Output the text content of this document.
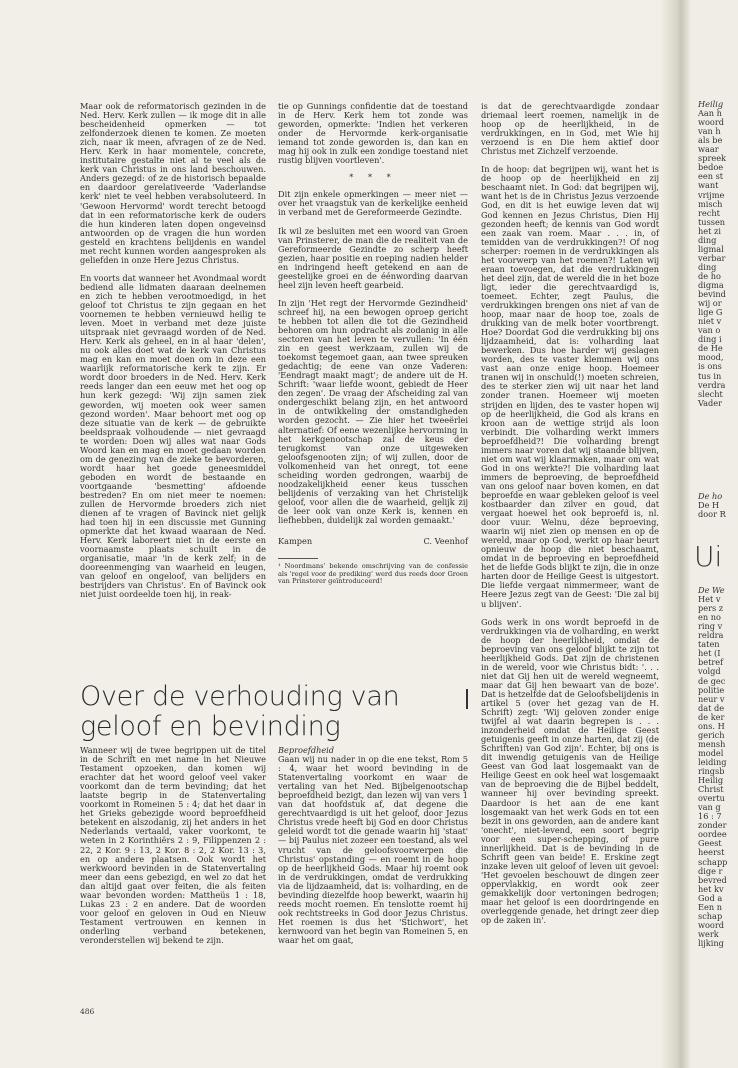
Maar ook de reformatorisch gezinden in de Ned. Herv. Kerk zullen — ik moge dit in alle bescheidenheid opmerken — tot zelfonderzoek dienen te komen. Ze moeten zich, naar ik meen, afvragen of ze de Ned. Herv. Kerk in haar momentele, concrete, institutaire gestalte niet al te veel als de kerk van Christus in ons land beschouwen. Anders gezegd: of ze de historisch bepaalde en daardoor gerelativeerde 'Vaderlandse kerk' niet te veel hebben verabsoluteerd. In 'Gewoon Hervormd' wordt terecht betoogd dat in een reformatorische kerk de ouders die hun kinderen laten dopen ongeveinsd antwoorden op de vragen die hun worden gesteld en krachtens belijdenis en wandel met recht kunnen worden aangesproken als geliefden in onze Here Jezus Christus.

En voorts dat wanneer het Avondmaal wordt bediend alle lidmaten daaraan deelnemen en zich te hebben verootmoedigd, in het geloof tot Christus te zijn gegaan en het voornemen te hebben vernieuwd heilig te leven. Moet in verband met deze juiste uitspraak niet gevraagd worden of de Ned. Herv. Kerk als geheel, en in al haar 'delen', nu ook alles doet wat de kerk van Christus mag en kan en moet doen om in deze een waarlijk reformatorische kerk te zijn. Er wordt door broeders in de Ned. Herv. Kerk reeds langer dan een eeuw met het oog op hun kerk gezegd: 'Wij zijn samen ziek geworden, wij moeten ook weer samen gezond worden'. Maar behoort met oog op deze situatie van de kerk — de gebruikte beeldspraak volhoudende — niet gevraagd te worden: Doen wij alles wat naar Gods Woord kan en mag en moet gedaan worden om de genezing van de zieke te bevorderen, wordt haar het goede geneesmiddel geboden en wordt de bestaande en voortgaande 'besmetting' afdoende bestreden? En om niet meer te noemen: zullen de Hervormde broeders zich niet dienen af te vragen of Bavinck niet gelijk had toen hij in een discussie met Gunning opmerkte dat het kwaad waaraan de Ned. Herv. Kerk laboreert niet in de eerste en voornaamste plaats schuilt in de organisatie, maar 'in de kerk zelf; in de dooreenmenging van waarheid en leugen, van geloof en ongeloof, van belijders en bestrijders van Christus'. En of Bavinck ook niet juist oordeelde toen hij, in reak-

tie op Gunnings confidentie dat de toestand in de Herv. Kerk hem tot zonde was geworden, opmerkte: 'Indien het verkeren onder de Hervormde kerk-organisatie iemand tot zonde geworden is, dan kan en mag hij ook in zulk een zondige toestand niet rustig blijven voortleven'.

* * *

Dit zijn enkele opmerkingen — meer niet — over het vraagstuk van de kerkelijke eenheid in verband met de Gereformeerde Gezindte.

Ik wil ze besluiten met een woord van Groen van Prinsterer, de man die de realiteit van de Gereformeerde Gezindte zo scherp heeft gezien, haar positie en roeping nadien helder en indringend heeft getekend en aan de geestelijke groei en de éénwording daarvan heel zijn leven heeft gearbeid.

In zijn 'Het regt der Hervormde Gezindheid' schreef hij, na een bewogen oproep gericht te hebben tot allen die tot die Gezindheid behoren om hun opdracht als zodanig in alle sectoren van het leven te vervullen: 'In één zin en geest werkzaam, zullen wij de toekomst tegemoet gaan, aan twee spreuken gedachtig; de eene van onze Vaderen: 'Eendragt maakt magt'; de andere uit de H. Schrift: 'waar liefde woont, gebiedt de Heer den zegen'. De vraag der Afscheiding zal van ondergeschikt belang zijn, en het antwoord in de ontwikkeling der omstandigheden worden gezocht. — Zie hier het tweeërlei alternatief: Of eene wezenlijke hervorming in het kerkgenootschap zal de keus der terugkomst van onze uitgeweken geloofsgenooten zijn; of wij zullen, door de volkomenheid van het onregt, tot eene scheiding worden gedrongen, waarbij de noodzakelijkheid eener keus tusschen belijdenis of verzaking van het Christelijk geloof, voor allen die de waarheid, gelijk zij de leer ook van onze Kerk is, kennen en liefhebben, duidelijk zal worden gemaakt.'

Kampen	C. Veenhof
¹ Noordmans' bekende omschrijving van de confessie als 'regel voor de prediking' werd dus reeds door Groen van Prinsterer geïntroduceerd!

is dat de gerechtvaardigde zondaar driemaal leert roemen, namelijk in de hoop op de heerlijkheid, in de verdrukkingen, en in God, met Wie hij verzoend is en Die hem aktief door Christus met Zichzelf verzoende.

In de hoop: dat begrijpen wij, want het is de hoop op de heerlijkheid en zij beschaamt niet. In God: dat begrijpen wij, want het is de in Christus Jezus verzoende God, en dit is het euwige leven dat wij God kennen en Jezus Christus, Dien Hij gezonden heeft; de kennis van God wordt een zaak van roem. Maar . . . in, of temidden van de verdrukkingen?! Of nog scherper: roemen in de verdrukkingen als het voorwerp van het roemen?! Laten wij eraan toevoegen, dat die verdrukkingen het deel zijn, dat de wereld die in het boze ligt, ieder die gerechtvaardigd is, toemeet. Echter, zegt Paulus, die verdrukkingen brengen ons niet af van de hoop, maar naar de hoop toe, zoals de drukking van de melk boter voortbrengt. Hoe? Doordat God die verdrukking bij ons lijdzaamheid, dat is: volharding laat bewerken. Dus hoe harder wij geslagen worden, des te vaster klemmen wij ons vast aan onze enige hoop. Hoemeer tranen wij in onschuld(!) moeten schreien, des te sterker zien wij uit naar het land zonder tranen. Hoemeer wij moeten strijden en lijden, des te vaster hopen wij op de heerlijkheid, die God als krans en kroon aan de wettige strijd als loon verbindt. Die volharding werkt immers beproefdheid?! Die volharding brengt immers naar voren dat wij staande blijven, niet om wat wij klaarmaken, maar om wat God in ons werkte?! Die volharding laat immers de beproeving, de beproefdheid van ons geloof naar boven komen, en dat beproefde en waar gebleken geloof is veel kostbaarder dan zilver en goud, dat vergaat hoewel het ook beproefd is, nl. door vuur. Welnu, déze beproeving, waarin wij niet zien op mensen en op de wereld, maar op God, werkt op haar beurt opnieuw de hoop die niet beschaamt, omdat in de beproeving en beproefdheid het de liefde Gods blijkt te zijn, die in onze harten door de Heilige Geest is uitgestort. Die liefde vergaat nimmermeer, want de Heere Jezus zegt van de Geest: 'Die zal bij u blijven'.

Gods werk in ons wordt beproefd in de verdrukkingen via de volharding, en werkt de hoop der heerlijkheid, omdat de beproeving van ons geloof blijkt te zijn tot heerlijkheid Gods. Dat zijn de christenen in de wereld, voor wie Christus bidt: '. . . niet dat Gij hen uit de wereld wegneemt, maar dat Gij hen bewaart van de boze'. Dat is hetzelfde dat de Geloofsbelijdenis in artikel 5 (over het gezag van de H. Schrift) zegt: 'Wij geloven zonder enige twijfel al wat daarin begrepen is . . . inzonderheid omdat de Heilige Geest getuigenis geeft in onze harten, dat zij (de Schriften) van God zijn'. Echter, bij ons is dit inwendig getuigenis van de Heilige Geest van God laat losgemaakt van de Heilige Geest en ook heel wat losgemaakt van de beproeving die de Bijbel beddelt, wanneer hij over bevinding spreekt. Daardoor is het aan de ene kant losgemaakt van het werk Gods en tot een bezit in ons geworden, aan de andere kant 'onecht', niet-levend, een soort begrip voor een super-schepping, of pure innerlijkheid. Dat is de bevinding in de Schrift geen van beide! E. Erskine zegt inzake leven uit geloof of leven uit gevoel: 'Het gevoelen beschouwt de dingen zeer oppervlakkig, en wordt ook zeer gemakkelijk door vertoningen bedrogen; maar het geloof is een doordringende en overleggende genade, het dringt zeer diep op de zaken in'.

Over de verhouding van geloof en bevinding

Wanneer wij de twee begrippen uit de titel in de Schrift en met name in het Nieuwe Testament opzoeken, dan komen wij erachter dat het woord geloof veel vaker voorkomt dan de term bevinding; dat het laatste begrip in de Statenvertaling voorkomt in Romeinen 5 : 4; dat het daar in het Grieks gebezigde woord beproefdheid betekent en alszodanig, zij het anders in het Nederlands vertaald, vaker voorkomt, te weten in 2 Korinthiërs 2 : 9, Filippenzen 2 : 22, 2 Kor. 9 : 13, 2 Kor. 8 : 2, 2 Kor. 13 : 3, en op andere plaatsen. Ook wordt het werkwoord bevinden in de Statenvertaling meer dan eens gebezigd, en wel zo dat het dan altijd gaat over feiten, die als feiten waar bevonden worden: Mattheüs 1 : 18, Lukas 23 : 2 en andere. Dat de woorden voor geloof en geloven in Oud en Nieuw Testament vertrouwen en kennen in onderling verband betekenen, veronderstellen wij bekend te zijn.

Beproefdheid

Gaan wij nu nader in op die ene tekst, Rom 5 : 4, waar het woord bevinding in de Statenvertaling voorkomt en waar de vertaling van het Ned. Bijbelgenootschap beproefdheid bezigt, dan lezen wij van vers 1 van dat hoofdstuk af, dat degene die gerechtvaardigd is uit het geloof, door Jezus Christus vrede heeft bij God en door Christus geleid wordt tot die genade waarin hij 'staat' — bij Paulus niet zozeer een toestand, als wel vrucht van de geloofsvoorwerpen die Christus' opstanding — en roemt in de hoop op de heerlijkheid Gods. Maar hij roemt ook in de verdrukkingen, omdat de verdrukking via de lijdzaamheid, dat is: volharding, en de bevinding diezelfde hoop bewerkt, waarin hij reeds mocht roemen. En tenslotte roemt hij ook rechtstreeks in God door Jezus Christus. Het roemen is dus het 'Stichwort', het kernwoord van het begin van Romeinen 5, en waar het om gaat,

486
Heilig
Aan h
woord
van h
als be
waar
spreek
bedoe
een st
want
vrijme
misch
recht
tussen
het zi
ding
ligmal
verbar
ding
de ho
digma
bevind
wij or
lige G
niet v
van o
ding i
de He
mood,
is ons
tus in
verdra
slecht
Vader
De ho
De H
door R
Ui
De We
Het v
pers z
en no
ring v
reldra
taten
het (I
betref
volgd
de gec
politie
neur v
dat de
de ker
ons. H
gerich
mensh
model
leiding
ringsb
Heilig
Christ
overtu
van g
16 : 7
zonder
oordee
Geest
heerst
schapp
dige r
bevred
het kv
God a
Een n
schap
woord
werk
lijking
